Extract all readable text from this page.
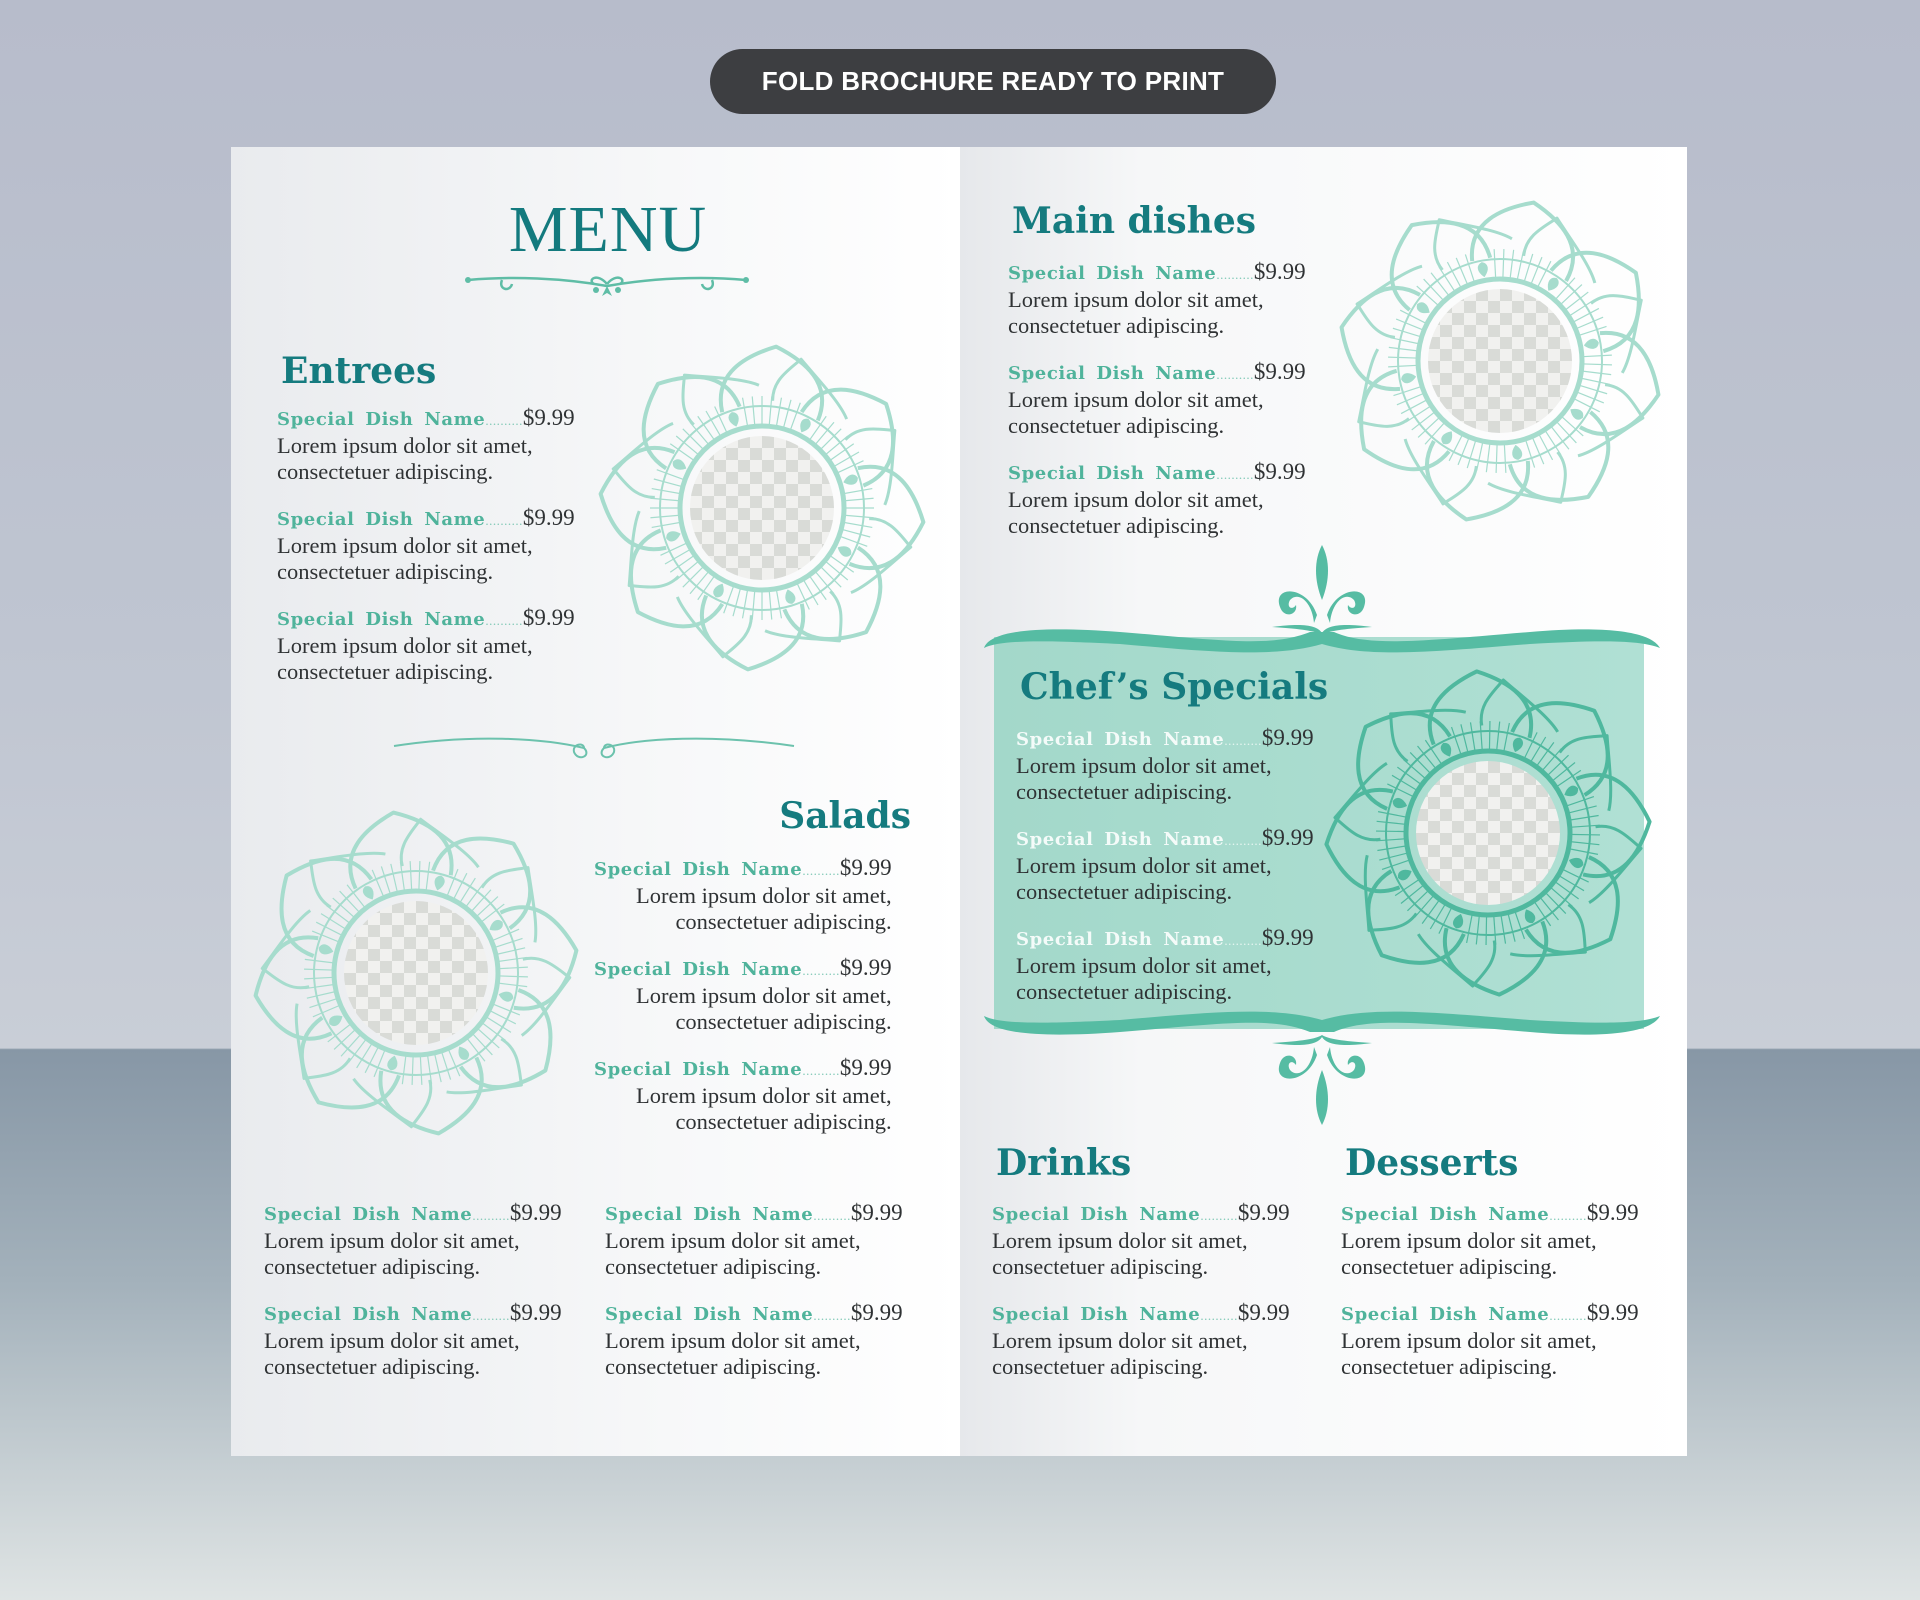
FOLD BROCHURE READY TO PRINT
MENU
Entrees
Salads
Main dishes
Chef’s Specials
Drinks	Desserts
Special Dish Name..........$9.99
Lorem ipsum dolor sit amet,
consectetuer adipiscing.
Special Dish Name..........$9.99
Lorem ipsum dolor sit amet,
consectetuer adipiscing.
Special Dish Name..........$9.99
Lorem ipsum dolor sit amet,
consectetuer adipiscing.
Special Dish Name..........$9.99
Lorem ipsum dolor sit amet,
consectetuer adipiscing.
Special Dish Name..........$9.99
Lorem ipsum dolor sit amet,
consectetuer adipiscing.
Special Dish Name..........$9.99
Lorem ipsum dolor sit amet,
consectetuer adipiscing.
Special Dish Name..........$9.99
Lorem ipsum dolor sit amet,
consectetuer adipiscing.
Special Dish Name..........$9.99
Lorem ipsum dolor sit amet,
consectetuer adipiscing.
Special Dish Name..........$9.99
Lorem ipsum dolor sit amet,
consectetuer adipiscing.
Special Dish Name..........$9.99
Lorem ipsum dolor sit amet,
consectetuer adipiscing.
Special Dish Name..........$9.99
Lorem ipsum dolor sit amet,
consectetuer adipiscing.
Special Dish Name..........$9.99
Lorem ipsum dolor sit amet,
consectetuer adipiscing.
Special Dish Name..........$9.99
Lorem ipsum dolor sit amet,
consectetuer adipiscing.
Special Dish Name..........$9.99
Lorem ipsum dolor sit amet,
consectetuer adipiscing.
Special Dish Name..........$9.99
Lorem ipsum dolor sit amet,
consectetuer adipiscing.
Special Dish Name..........$9.99
Lorem ipsum dolor sit amet,
consectetuer adipiscing.
Special Dish Name..........$9.99
Lorem ipsum dolor sit amet,
consectetuer adipiscing.
Special Dish Name..........$9.99
Lorem ipsum dolor sit amet,
consectetuer adipiscing.
Special Dish Name..........$9.99
Lorem ipsum dolor sit amet,
consectetuer adipiscing.
Special Dish Name..........$9.99
Lorem ipsum dolor sit amet,
consectetuer adipiscing.
